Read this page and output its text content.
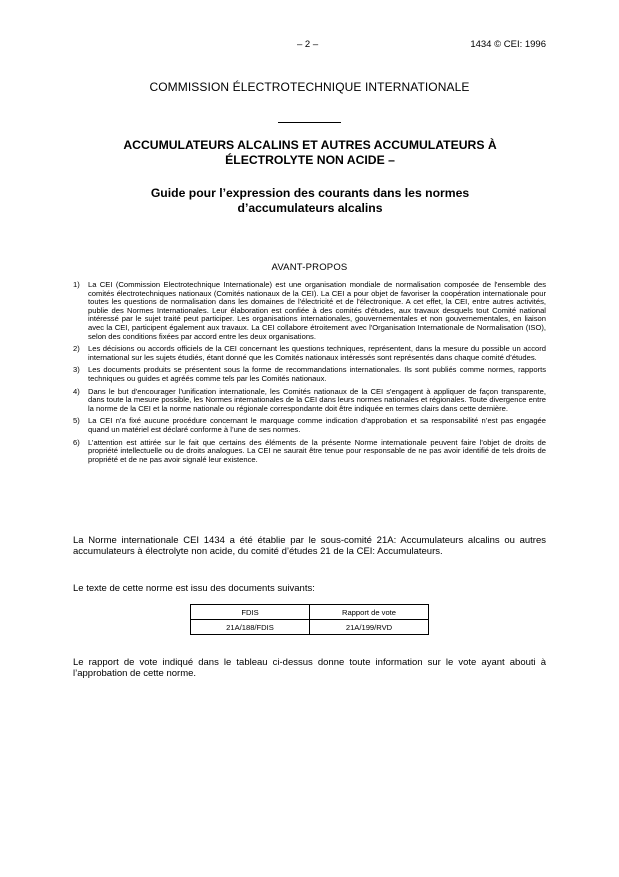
– 2 –	1434 © CEI: 1996
COMMISSION ÉLECTROTECHNIQUE INTERNATIONALE
ACCUMULATEURS ALCALINS ET AUTRES ACCUMULATEURS À
ÉLECTROLYTE NON ACIDE –
Guide pour l’expression des courants dans les normes
d’accumulateurs alcalins
AVANT-PROPOS
1) La CEI (Commission Electrotechnique Internationale) est une organisation mondiale de normalisation composée de l'ensemble des comités électrotechniques nationaux (Comités nationaux de la CEI). La CEI a pour objet de favoriser la coopération internationale pour toutes les questions de normalisation dans les domaines de l'électricité et de l'électronique. A cet effet, la CEI, entre autres activités, publie des Normes Internationales. Leur élaboration est confiée à des comités d'études, aux travaux desquels tout Comité national intéressé par le sujet traité peut participer. Les organisations internationales, gouvernementales et non gouvernementales, en liaison avec la CEI, participent également aux travaux. La CEI collabore étroitement avec l'Organisation Internationale de Normalisation (ISO), selon des conditions fixées par accord entre les deux organisations.
2) Les décisions ou accords officiels de la CEI concernant les questions techniques, représentent, dans la mesure du possible un accord international sur les sujets étudiés, étant donné que les Comités nationaux intéressés sont représentés dans chaque comité d’études.
3) Les documents produits se présentent sous la forme de recommandations internationales. Ils sont publiés comme normes, rapports techniques ou guides et agréés comme tels par les Comités nationaux.
4) Dans le but d'encourager l'unification internationale, les Comités nationaux de la CEI s'engagent à appliquer de façon transparente, dans toute la mesure possible, les Normes internationales de la CEI dans leurs normes nationales et régionales. Toute divergence entre la norme de la CEI et la norme nationale ou régionale correspondante doit être indiquée en termes clairs dans cette dernière.
5) La CEI n’a fixé aucune procédure concernant le marquage comme indication d’approbation et sa responsabilité n’est pas engagée quand un matériel est déclaré conforme à l’une de ses normes.
6) L’attention est attirée sur le fait que certains des éléments de la présente Norme internationale peuvent faire l’objet de droits de propriété intellectuelle ou de droits analogues. La CEI ne saurait être tenue pour responsable de ne pas avoir identifié de tels droits de propriété et de ne pas avoir signalé leur existence.

La Norme internationale CEI 1434 a été établie par le sous-comité 21A: Accumulateurs alcalins ou autres accumulateurs à électrolyte non acide, du comité d’études 21 de la CEI: Accumulateurs.

Le texte de cette norme est issu des documents suivants:

FDIS	Rapport de vote
21A/188/FDIS	21A/199/RVD

Le rapport de vote indiqué dans le tableau ci-dessus donne toute information sur le vote ayant abouti à l’approbation de cette norme.
